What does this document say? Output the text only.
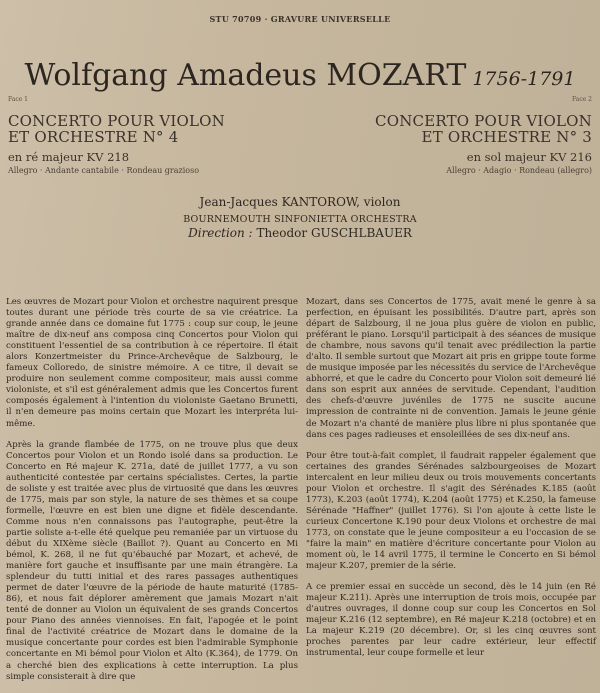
STU 70709 · GRAVURE UNIVERSELLE
Wolfgang Amadeus MOZART 1756-1791
Face 1	Face 2
CONCERTO POUR VIOLON
ET ORCHESTRE N° 4
CONCERTO POUR VIOLON
ET ORCHESTRE N° 3
en ré majeur KV 218	en sol majeur KV 216
Allegro · Andante cantabile · Rondeau grazioso	Allegro · Adagio · Rondeau (allegro)
Jean-Jacques KANTOROW, violon
BOURNEMOUTH SINFONIETTA ORCHESTRA
Direction : Theodor GUSCHLBAUER

Les œuvres de Mozart pour Violon et orchestre naquirent presque toutes durant une période très courte de sa vie créatrice. La grande année dans ce domaine fut 1775 : coup sur coup, le jeune maître de dix-neuf ans composa cinq Concertos pour Violon qui constituent l'essentiel de sa contribution à ce répertoire. Il était alors Konzertmeister du Prince-Archevêque de Salzbourg, le fameux Colloredo, de sinistre mémoire. A ce titre, il devait se produire non seulement comme compositeur, mais aussi comme violoniste, et s'il est généralement admis que les Concertos furent composés également à l'intention du violoniste Gaetano Brunetti, il n'en demeure pas moins certain que Mozart les interpréta lui-même.

Après la grande flambée de 1775, on ne trouve plus que deux Concertos pour Violon et un Rondo isolé dans sa production. Le Concerto en Ré majeur K. 271a, daté de juillet 1777, a vu son authenticité contestée par certains spécialistes. Certes, la partie de soliste y est traitée avec plus de virtuosité que dans les œuvres de 1775, mais par son style, la nature de ses thèmes et sa coupe formelle, l'œuvre en est bien une digne et fidèle descendante. Comme nous n'en connaissons pas l'autographe, peut-être la partie soliste a-t-elle été quelque peu remaniée par un virtuose du début du XIXème siècle (Baillot ?). Quant au Concerto en Mi bémol, K. 268, il ne fut qu'ébauché par Mozart, et achevé, de manière fort gauche et insuffisante par une main étrangère. La splendeur du tutti initial et des rares passages authentiques permet de dater l'œuvre de la période de haute maturité (1785-86), et nous fait déplorer amèrement que jamais Mozart n'ait tenté de donner au Violon un équivalent de ses grands Concertos pour Piano des années viennoises. En fait, l'apogée et le point final de l'activité créatrice de Mozart dans le domaine de la musique concertante pour cordes est bien l'admirable Symphonie concertante en Mi bémol pour Violon et Alto (K.364), de 1779. On a cherché bien des explications à cette interruption. La plus simple consisterait à dire que

Mozart, dans ses Concertos de 1775, avait mené le genre à sa perfection, en épuisant les possibilités. D'autre part, après son départ de Salzbourg, il ne joua plus guère de violon en public, préférant le piano. Lorsqu'il participait à des séances de musique de chambre, nous savons qu'il tenait avec prédilection la partie d'alto. Il semble surtout que Mozart ait pris en grippe toute forme de musique imposée par les nécessités du service de l'Archevêque abhorré, et que le cadre du Concerto pour Violon soit demeuré lié dans son esprit aux années de servitude. Cependant, l'audition des chefs-d'œuvre juvéniles de 1775 ne suscite aucune impression de contrainte ni de convention. Jamais le jeune génie de Mozart n'a chanté de manière plus libre ni plus spontanée que dans ces pages radieuses et ensoleillées de ses dix-neuf ans.

Pour être tout-à-fait complet, il faudrait rappeler également que certaines des grandes Sérénades salzbourgeoises de Mozart intercalent en leur milieu deux ou trois mouvements concertants pour Violon et orchestre. Il s'agit des Sérénades K.185 (août 1773), K.203 (août 1774), K.204 (août 1775) et K.250, la fameuse Sérénade "Haffner" (juillet 1776). Si l'on ajoute à cette liste le curieux Concertone K.190 pour deux Violons et orchestre de mai 1773, on constate que le jeune compositeur a eu l'occasion de se "faire la main" en matière d'écriture concertante pour Violon au moment où, le 14 avril 1775, il termine le Concerto en Si bémol majeur K.207, premier de la série.

A ce premier essai en succède un second, dès le 14 juin (en Ré majeur K.211). Après une interruption de trois mois, occupée par d'autres ouvrages, il donne coup sur coup les Concertos en Sol majeur K.216 (12 septembre), en Ré majeur K.218 (octobre) et en La majeur K.219 (20 décembre). Or, si les cinq œuvres sont proches parentes par leur cadre extérieur, leur effectif instrumental, leur coupe formelle et leur
